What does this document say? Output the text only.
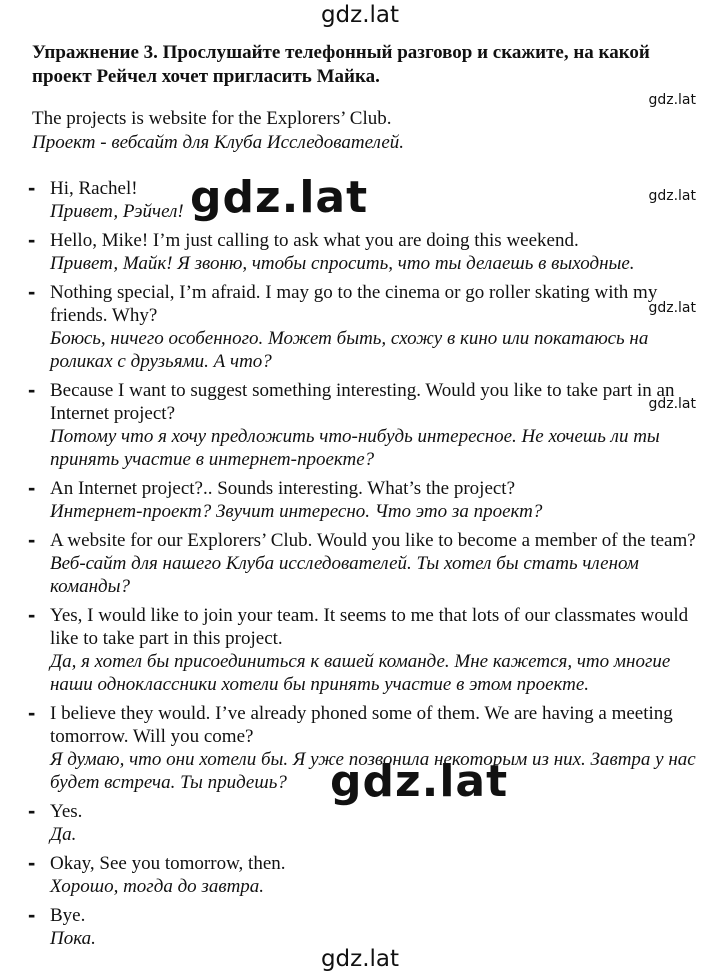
gdz.lat
Упражнение 3. Прослушайте телефонный разговор и скажите, на какой проект Рейчел хочет пригласить Майка.
The projects is website for the Explorers’ Club.
Проект - вебсайт для Клуба Исследователей.
- Hi, Rachel!
Привет, Рэйчел!
- Hello, Mike! I’m just calling to ask what you are doing this weekend.
Привет, Майк! Я звоню, чтобы спросить, что ты делаешь в выходные.
- Nothing special, I’m afraid. I may go to the cinema or go roller skating with my friends. Why?
Боюсь, ничего особенного. Может быть, схожу в кино или покатаюсь на роликах с друзьями. А что?
- Because I want to suggest something interesting. Would you like to take part in an Internet project?
Потому что я хочу предложить что-нибудь интересное. Не хочешь ли ты принять участие в интернет-проекте?
- An Internet project?.. Sounds interesting. What’s the project?
Интернет-проект? Звучит интересно. Что это за проект?
- A website for our Explorers’ Club. Would you like to become a member of the team?
Веб-сайт для нашего Клуба исследователей. Ты хотел бы стать членом команды?
- Yes, I would like to join your team. It seems to me that lots of our classmates would like to take part in this project.
Да, я хотел бы присоединиться к вашей команде. Мне кажется, что многие наши одноклассники хотели бы принять участие в этом проекте.
- I believe they would. I’ve already phoned some of them. We are having a meeting tomorrow. Will you come?
Я думаю, что они хотели бы. Я уже позвонила некоторым из них. Завтра у нас будет встреча. Ты придешь?
- Yes.
Да.
- Okay, See you tomorrow, then.
Хорошо, тогда до завтра.
- Bye.
Пока.
gdz.lat
gdz.lat
gdz.lat
gdz.lat
gdz.lat
gdz.lat
gdz.lat
